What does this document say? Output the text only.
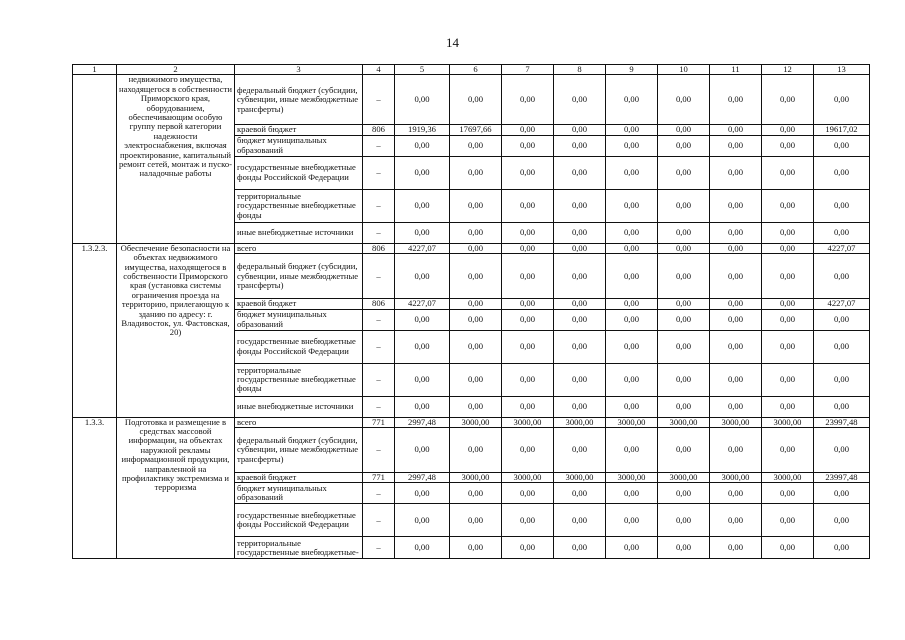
14
1	2	3	4	5	6	7	8	9	10	11	12	13
	недвижимого имущества, находящегося в собственности Приморского края, оборудованием, обеспечивающим особую группу первой категории надежности электроснабжения, включая проектирование, капитальный ремонт сетей, монтаж и пуско-наладочные работы	федеральный бюджет (субсидии, субвенции, иные межбюджетные трансферты)	–	0,00	0,00	0,00	0,00	0,00	0,00	0,00	0,00	0,00
		краевой бюджет	806	1919,36	17697,66	0,00	0,00	0,00	0,00	0,00	0,00	19617,02
		бюджет муниципальных образований	–	0,00	0,00	0,00	0,00	0,00	0,00	0,00	0,00	0,00
		государственные внебюджетные фонды Российской Федерации	–	0,00	0,00	0,00	0,00	0,00	0,00	0,00	0,00	0,00
		территориальные государственные внебюджетные фонды	–	0,00	0,00	0,00	0,00	0,00	0,00	0,00	0,00	0,00
		иные внебюджетные источники	–	0,00	0,00	0,00	0,00	0,00	0,00	0,00	0,00	0,00
1.3.2.3.	Обеспечение безопасности на объектах недвижимого имущества, находящегося в собственности Приморского края (установка системы ограничения проезда на территорию, прилегающую к зданию по адресу: г. Владивосток, ул. Фастовская, 20)	всего	806	4227,07	0,00	0,00	0,00	0,00	0,00	0,00	0,00	4227,07
		федеральный бюджет (субсидии, субвенции, иные межбюджетные трансферты)	–	0,00	0,00	0,00	0,00	0,00	0,00	0,00	0,00	0,00
		краевой бюджет	806	4227,07	0,00	0,00	0,00	0,00	0,00	0,00	0,00	4227,07
		бюджет муниципальных образований	–	0,00	0,00	0,00	0,00	0,00	0,00	0,00	0,00	0,00
		государственные внебюджетные фонды Российской Федерации	–	0,00	0,00	0,00	0,00	0,00	0,00	0,00	0,00	0,00
		территориальные государственные внебюджетные фонды	–	0,00	0,00	0,00	0,00	0,00	0,00	0,00	0,00	0,00
		иные внебюджетные источники	–	0,00	0,00	0,00	0,00	0,00	0,00	0,00	0,00	0,00
1.3.3.	Подготовка и размещение в средствах массовой информации, на объектах наружной рекламы информационной продукции, направленной на профилактику экстремизма и терроризма	всего	771	2997,48	3000,00	3000,00	3000,00	3000,00	3000,00	3000,00	3000,00	23997,48
		федеральный бюджет (субсидии, субвенции, иные межбюджетные трансферты)	–	0,00	0,00	0,00	0,00	0,00	0,00	0,00	0,00	0,00
		краевой бюджет	771	2997,48	3000,00	3000,00	3000,00	3000,00	3000,00	3000,00	3000,00	23997,48
		бюджет муниципальных образований	–	0,00	0,00	0,00	0,00	0,00	0,00	0,00	0,00	0,00
		государственные внебюджетные фонды Российской Федерации	–	0,00	0,00	0,00	0,00	0,00	0,00	0,00	0,00	0,00
		территориальные государственные внебюджетные-	–	0,00	0,00	0,00	0,00	0,00	0,00	0,00	0,00	0,00
